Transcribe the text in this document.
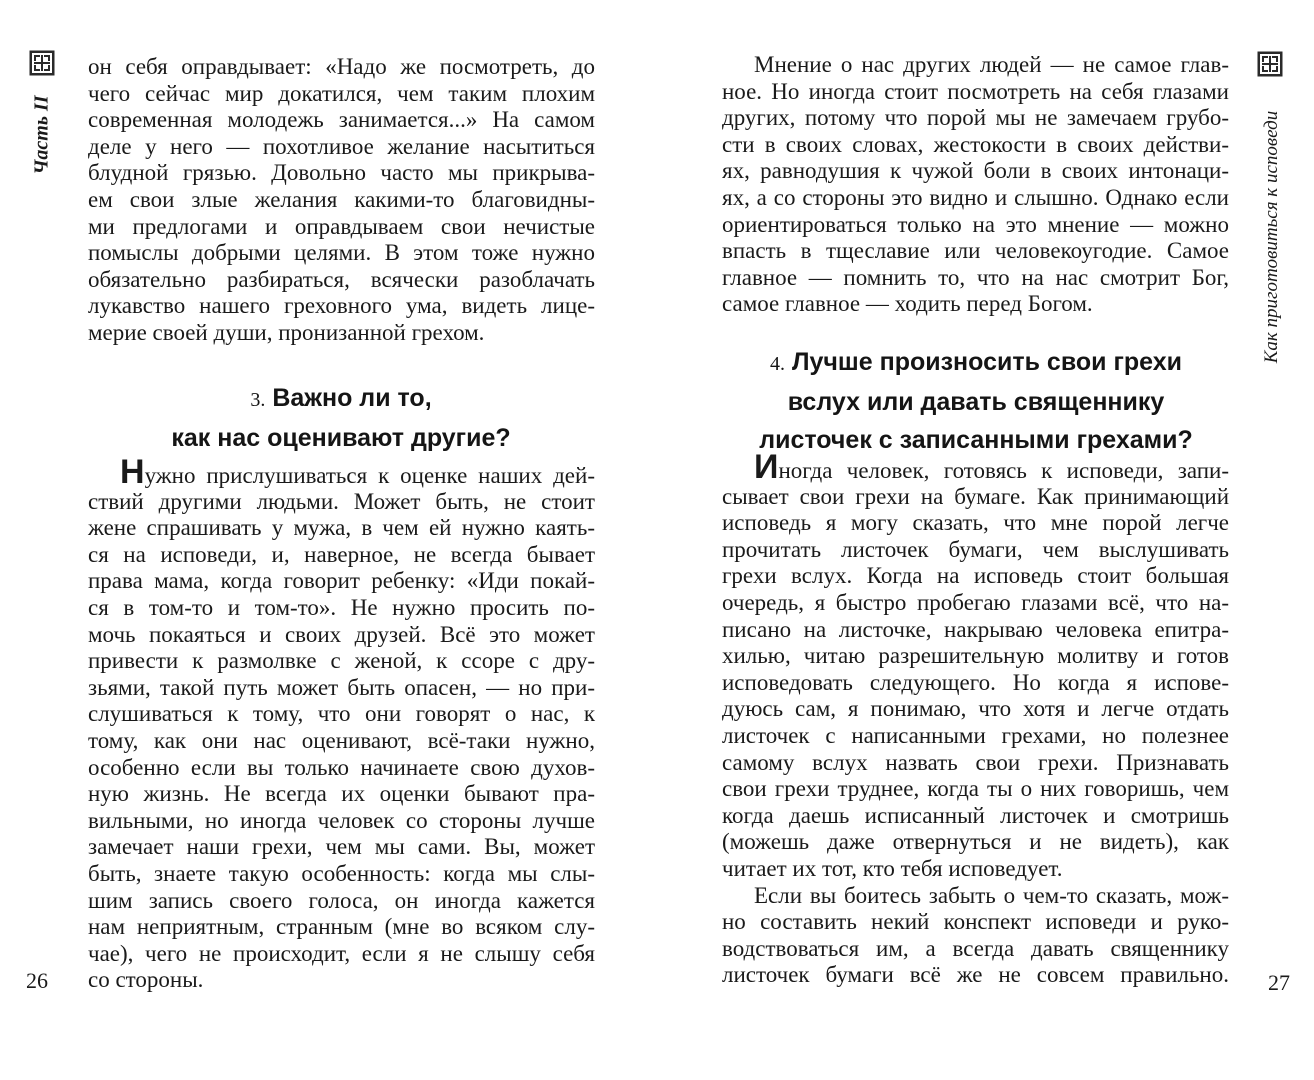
Часть II
он себя оправдывает: «Надо же посмотреть, до
чего сейчас мир докатился, чем таким плохим
современная молодежь занимается...» На самом
деле у него — похотливое желание насытиться
блудной грязью. Довольно часто мы прикрыва-
ем свои злые желания какими-то благовидны-
ми предлогами и оправдываем свои нечистые
помыслы добрыми целями. В этом тоже нужно
обязательно разбираться, всячески разоблачать
лукавство нашего греховного ума, видеть лице-
мерие своей души, пронизанной грехом.
3. Важно ли то,
как нас оценивают другие?
Нужно прислушиваться к оценке наших дей-
ствий другими людьми. Может быть, не стоит
жене спрашивать у мужа, в чем ей нужно каять-
ся на исповеди, и, наверное, не всегда бывает
права мама, когда говорит ребенку: «Иди покай-
ся в том-то и том-то». Не нужно просить по-
мочь покаяться и своих друзей. Всё это может
привести к размолвке с женой, к ссоре с дру-
зьями, такой путь может быть опасен, — но при-
слушиваться к тому, что они говорят о нас, к
тому, как они нас оценивают, всё-таки нужно,
особенно если вы только начинаете свою духов-
ную жизнь. Не всегда их оценки бывают пра-
вильными, но иногда человек со стороны лучше
замечает наши грехи, чем мы сами. Вы, может
быть, знаете такую особенность: когда мы слы-
шим запись своего голоса, он иногда кажется
нам неприятным, странным (мне во всяком слу-
чае), чего не происходит, если я не слышу себя
со стороны.
26
Как приготовиться к исповеди
Мнение о нас других людей — не самое глав-
ное. Но иногда стоит посмотреть на себя глазами
других, потому что порой мы не замечаем грубо-
сти в своих словах, жестокости в своих действи-
ях, равнодушия к чужой боли в своих интонаци-
ях, а со стороны это видно и слышно. Однако если
ориентироваться только на это мнение — можно
впасть в тщеславие или человекоугодие. Самое
главное — помнить то, что на нас смотрит Бог,
самое главное — ходить перед Богом.
4. Лучше произносить свои грехи
вслух или давать священнику
листочек с записанными грехами?
Иногда человек, готовясь к исповеди, запи-
сывает свои грехи на бумаге. Как принимающий
исповедь я могу сказать, что мне порой легче
прочитать листочек бумаги, чем выслушивать
грехи вслух. Когда на исповедь стоит большая
очередь, я быстро пробегаю глазами всё, что на-
писано на листочке, накрываю человека епитра-
хилью, читаю разрешительную молитву и готов
исповедовать следующего. Но когда я испове-
дуюсь сам, я понимаю, что хотя и легче отдать
листочек с написанными грехами, но полезнее
самому вслух назвать свои грехи. Признавать
свои грехи труднее, когда ты о них говоришь, чем
когда даешь исписанный листочек и смотришь
(можешь даже отвернуться и не видеть), как
читает их тот, кто тебя исповедует.
Если вы боитесь забыть о чем-то сказать, мож-
но составить некий конспект исповеди и руко-
водствоваться им, а всегда давать священнику
листочек бумаги всё же не совсем правильно. 27
